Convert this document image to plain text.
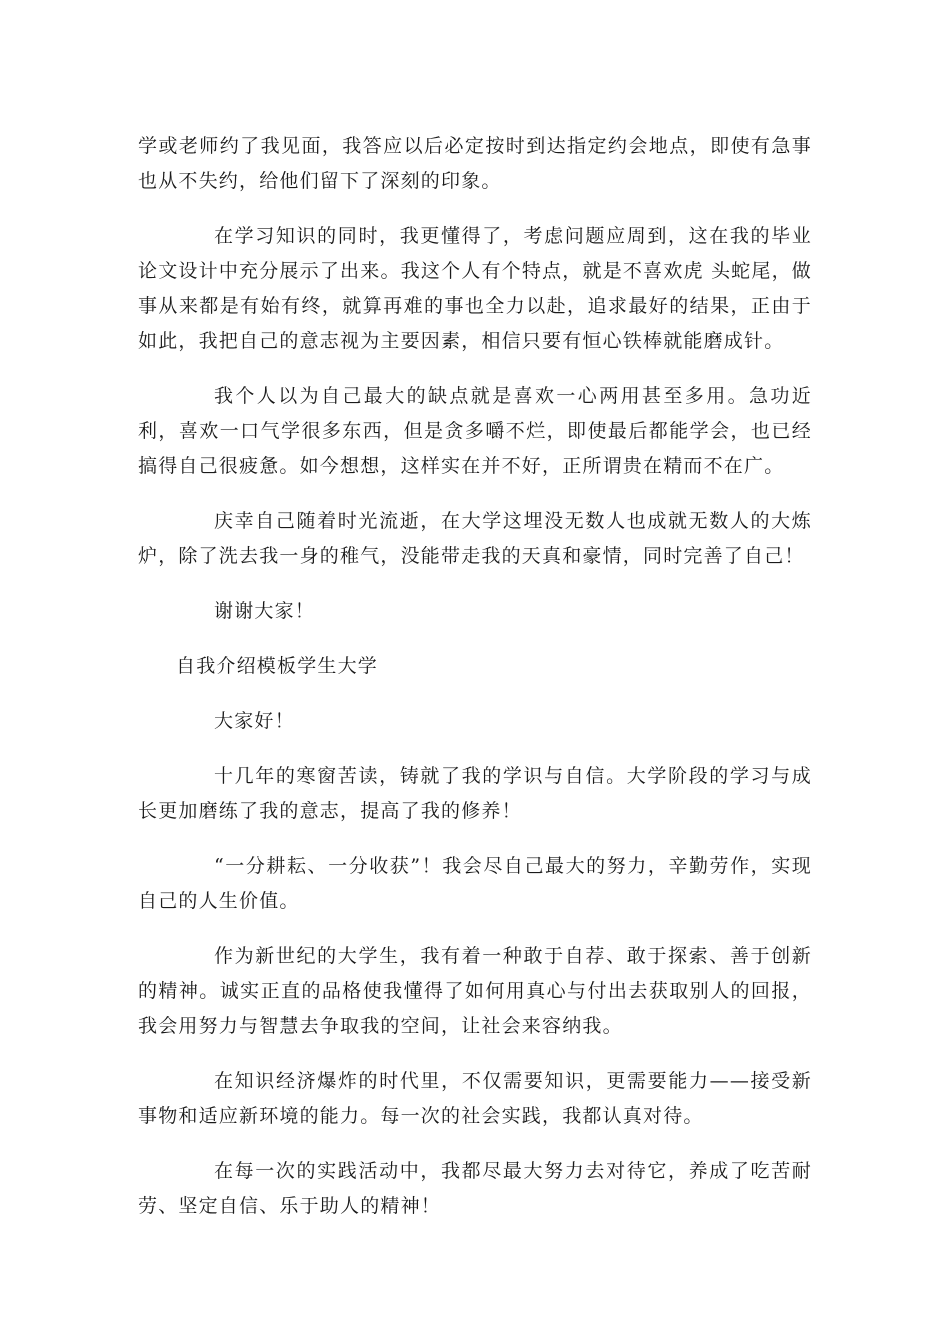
学或老师约了我见面，我答应以后必定按时到达指定约会地点，即使有急事也从不失约，给他们留下了深刻的印象。

在学习知识的同时，我更懂得了，考虑问题应周到，这在我的毕业论文设计中充分展示了出来。我这个人有个特点，就是不喜欢虎 头蛇尾，做事从来都是有始有终，就算再难的事也全力以赴，追求最好的结果，正由于如此，我把自己的意志视为主要因素，相信只要有恒心铁棒就能磨成针。

我个人以为自己最大的缺点就是喜欢一心两用甚至多用。急功近利，喜欢一口气学很多东西，但是贪多嚼不烂，即使最后都能学会，也已经搞得自己很疲惫。如今想想，这样实在并不好，正所谓贵在精而不在广。

庆幸自己随着时光流逝，在大学这埋没无数人也成就无数人的大炼炉，除了洗去我一身的稚气，没能带走我的天真和豪情，同时完善了自己！

谢谢大家！

自我介绍模板学生大学

大家好！

十几年的寒窗苦读，铸就了我的学识与自信。大学阶段的学习与成长更加磨练了我的意志，提高了我的修养！

“一分耕耘、一分收获”！我会尽自己最大的努力，辛勤劳作，实现自己的人生价值。

作为新世纪的大学生，我有着一种敢于自荐、敢于探索、善于创新的精神。诚实正直的品格使我懂得了如何用真心与付出去获取别人的回报，我会用努力与智慧去争取我的空间，让社会来容纳我。

在知识经济爆炸的时代里，不仅需要知识，更需要能力——接受新事物和适应新环境的能力。每一次的社会实践，我都认真对待。

在每一次的实践活动中，我都尽最大努力去对待它，养成了吃苦耐劳、坚定自信、乐于助人的精神！
